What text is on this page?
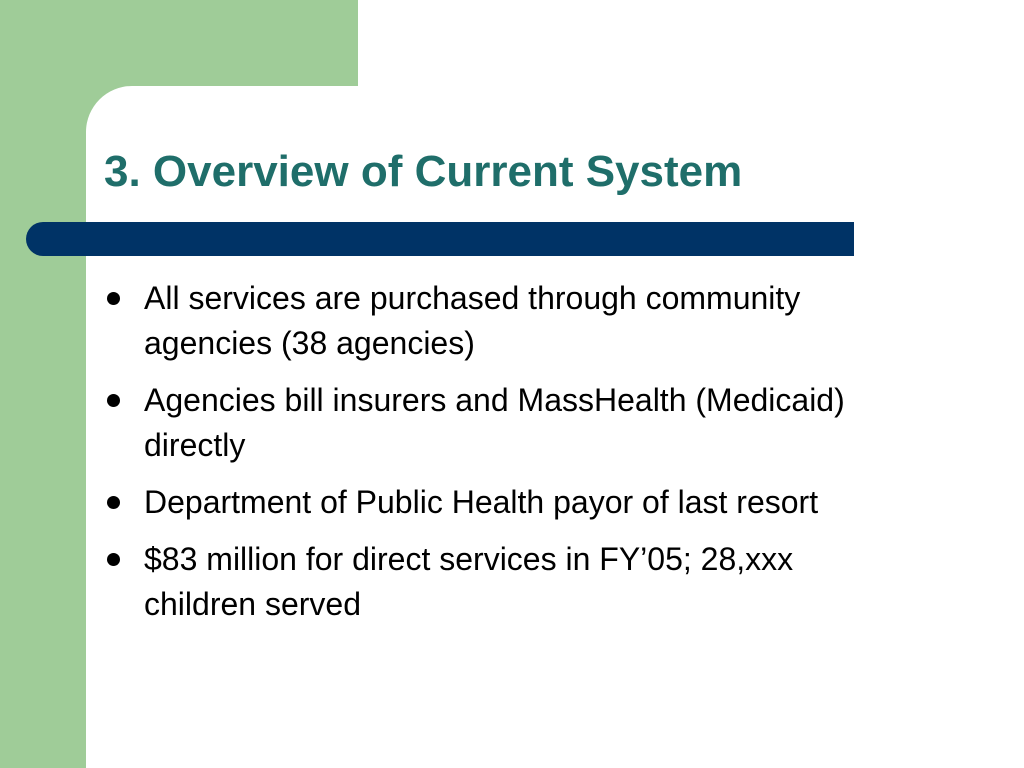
3. Overview of Current System
All services are purchased through community agencies (38 agencies)
Agencies bill insurers and MassHealth (Medicaid) directly
Department of Public Health payor of last resort
$83 million for direct services in FY’05; 28,xxx children served
